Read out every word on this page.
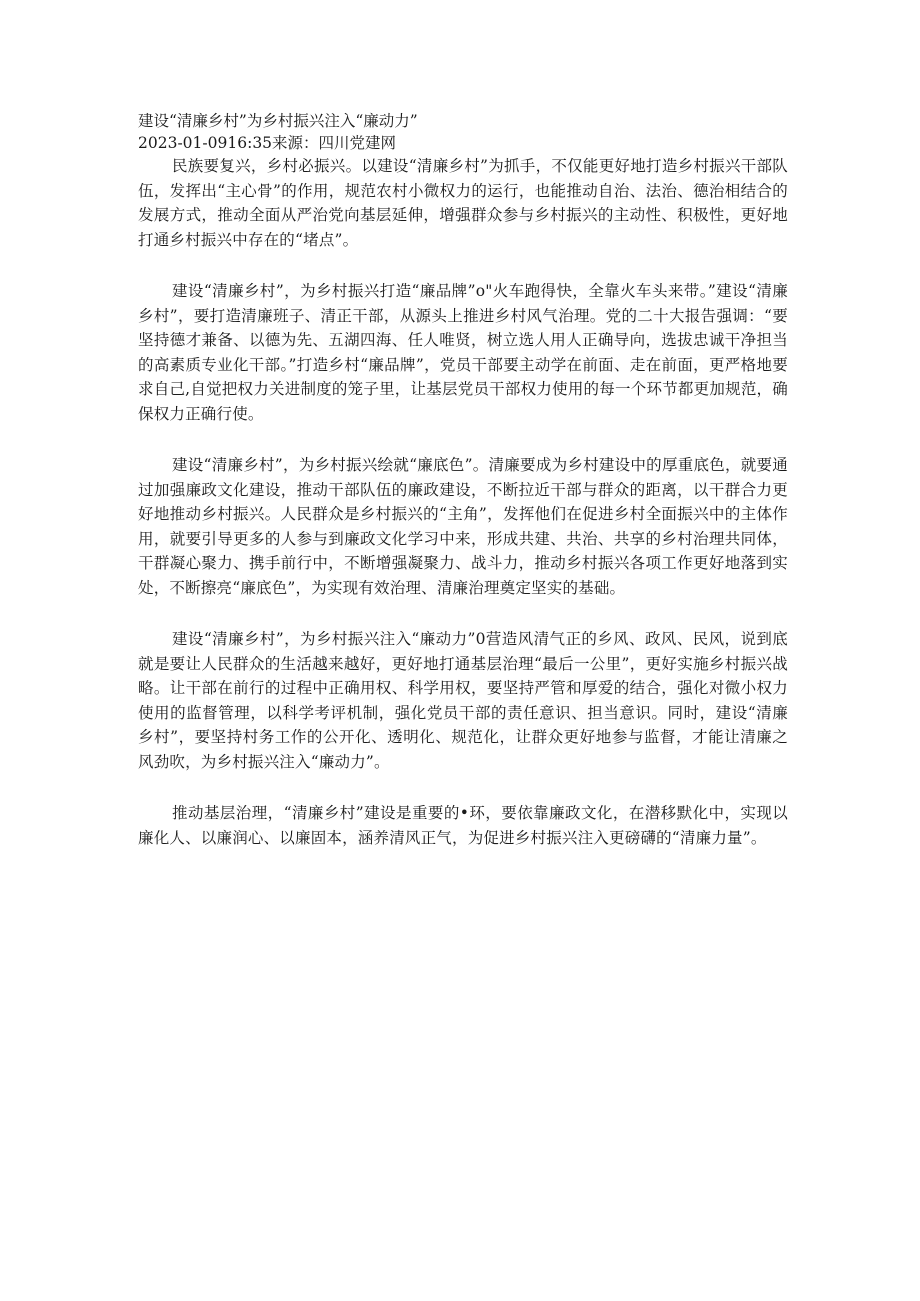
建设“清廉乡村”为乡村振兴注入“廉动力”

2023-01-0916:35来源：四川党建网

民族要复兴，乡村必振兴。以建设“清廉乡村”为抓手，不仅能更好地打造乡村振兴干部队伍，发挥出“主心骨”的作用，规范农村小微权力的运行，也能推动自治、法治、德治相结合的发展方式，推动全面从严治党向基层延伸，增强群众参与乡村振兴的主动性、积极性，更好地打通乡村振兴中存在的“堵点”。

建设“清廉乡村”，为乡村振兴打造“廉品牌”o"火车跑得快，全靠火车头来带。”建设“清廉乡村”，要打造清廉班子、清正干部，从源头上推进乡村风气治理。党的二十大报告强调：“要坚持德才兼备、以德为先、五湖四海、任人唯贤，树立选人用人正确导向，选拔忠诚干净担当的高素质专业化干部。”打造乡村“廉品牌”，党员干部要主动学在前面、走在前面，更严格地要求自己,自觉把权力关进制度的笼子里，让基层党员干部权力使用的每一个环节都更加规范，确保权力正确行使。

建设“清廉乡村”，为乡村振兴绘就“廉底色”。清廉要成为乡村建设中的厚重底色，就要通过加强廉政文化建设，推动干部队伍的廉政建设，不断拉近干部与群众的距离，以干群合力更好地推动乡村振兴。人民群众是乡村振兴的“主角”，发挥他们在促进乡村全面振兴中的主体作用，就要引导更多的人参与到廉政文化学习中来，形成共建、共治、共享的乡村治理共同体，干群凝心聚力、携手前行中，不断增强凝聚力、战斗力，推动乡村振兴各项工作更好地落到实处，不断擦亮“廉底色”，为实现有效治理、清廉治理奠定坚实的基础。

建设“清廉乡村”，为乡村振兴注入“廉动力”0营造风清气正的乡风、政风、民风，说到底就是要让人民群众的生活越来越好，更好地打通基层治理“最后一公里”，更好实施乡村振兴战略。让干部在前行的过程中正确用权、科学用权，要坚持严管和厚爱的结合，强化对微小权力使用的监督管理，以科学考评机制，强化党员干部的责任意识、担当意识。同时，建设“清廉乡村”，要坚持村务工作的公开化、透明化、规范化，让群众更好地参与监督，才能让清廉之风劲吹，为乡村振兴注入“廉动力”。

推动基层治理，“清廉乡村”建设是重要的•环，要依靠廉政文化，在潜移默化中，实现以廉化人、以廉润心、以廉固本，涵养清风正气，为促进乡村振兴注入更磅礴的“清廉力量”。
